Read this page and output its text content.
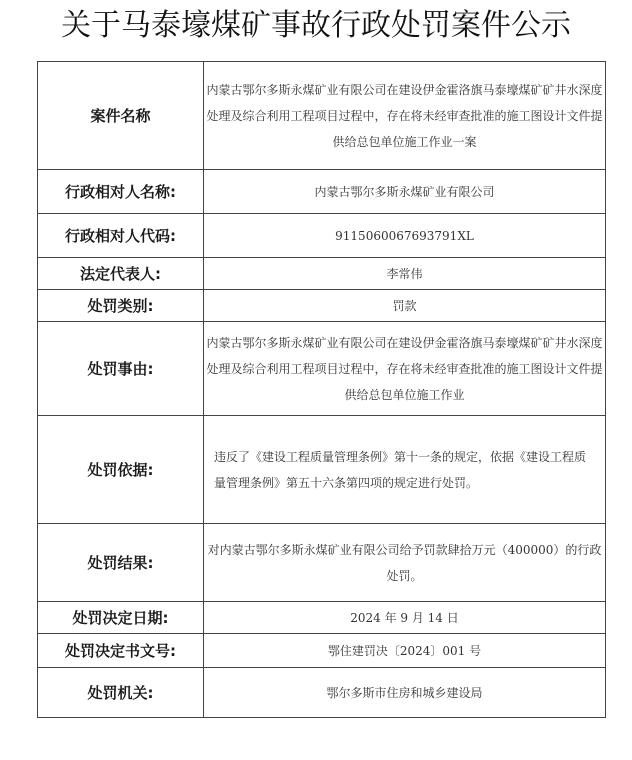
关于马泰壕煤矿事故行政处罚案件公示
案件名称	内蒙古鄂尔多斯永煤矿业有限公司在建设伊金霍洛旗马泰壕煤矿矿井水深度处理及综合利用工程项目过程中，存在将未经审查批准的施工图设计文件提供给总包单位施工作业一案

行政相对人名称:	内蒙古鄂尔多斯永煤矿业有限公司
行政相对人代码:	9115060067693791XL
法定代表人:	李常伟
处罚类别:	罚款
处罚事由:	内蒙古鄂尔多斯永煤矿业有限公司在建设伊金霍洛旗马泰壕煤矿矿井水深度处理及综合利用工程项目过程中，存在将未经审查批准的施工图设计文件提供给总包单位施工作业

处罚依据:	违反了《建设工程质量管理条例》第十一条的规定，依据《建设工程质量管理条例》第五十六条第四项的规定进行处罚。

处罚结果:	对内蒙古鄂尔多斯永煤矿业有限公司给予罚款肆拾万元（400000）的行政处罚。

处罚决定日期:	2024 年 9 月 14 日
处罚决定书文号:	鄂住建罚决〔2024〕001 号
处罚机关:	鄂尔多斯市住房和城乡建设局
